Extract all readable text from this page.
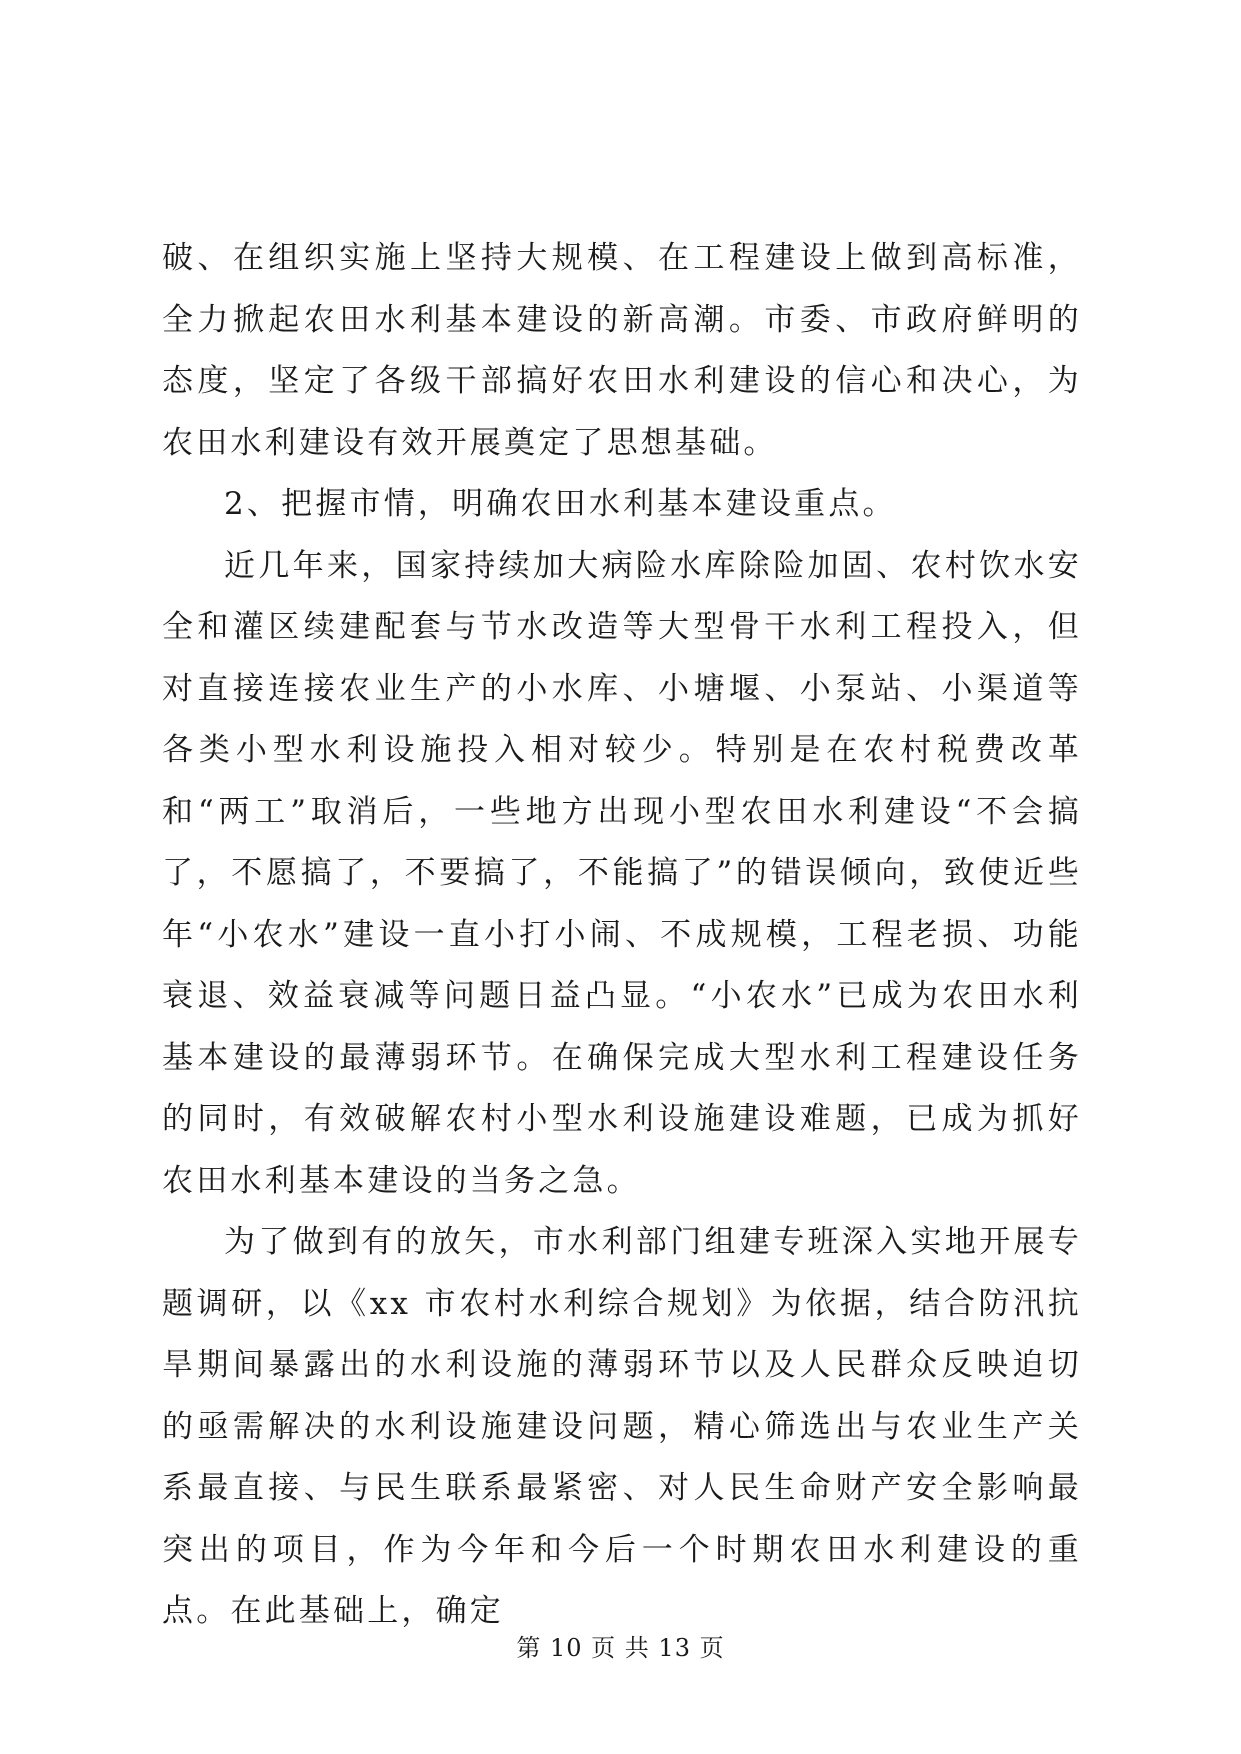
破、在组织实施上坚持大规模、在工程建设上做到高标准，全力掀起农田水利基本建设的新高潮。市委、市政府鲜明的态度，坚定了各级干部搞好农田水利建设的信心和决心，为农田水利建设有效开展奠定了思想基础。

2、把握市情，明确农田水利基本建设重点。

近几年来，国家持续加大病险水库除险加固、农村饮水安全和灌区续建配套与节水改造等大型骨干水利工程投入，但对直接连接农业生产的小水库、小塘堰、小泵站、小渠道等各类小型水利设施投入相对较少。特别是在农村税费改革和“两工”取消后，一些地方出现小型农田水利建设“不会搞了，不愿搞了，不要搞了，不能搞了”的错误倾向，致使近些年“小农水”建设一直小打小闹、不成规模，工程老损、功能衰退、效益衰减等问题日益凸显。“小农水”已成为农田水利基本建设的最薄弱环节。在确保完成大型水利工程建设任务的同时，有效破解农村小型水利设施建设难题，已成为抓好农田水利基本建设的当务之急。

为了做到有的放矢，市水利部门组建专班深入实地开展专题调研，以《xx 市农村水利综合规划》为依据，结合防汛抗旱期间暴露出的水利设施的薄弱环节以及人民群众反映迫切的亟需解决的水利设施建设问题，精心筛选出与农业生产关系最直接、与民生联系最紧密、对人民生命财产安全影响最突出的项目，作为今年和今后一个时期农田水利建设的重点。在此基础上，确定

第 10 页 共 13 页
